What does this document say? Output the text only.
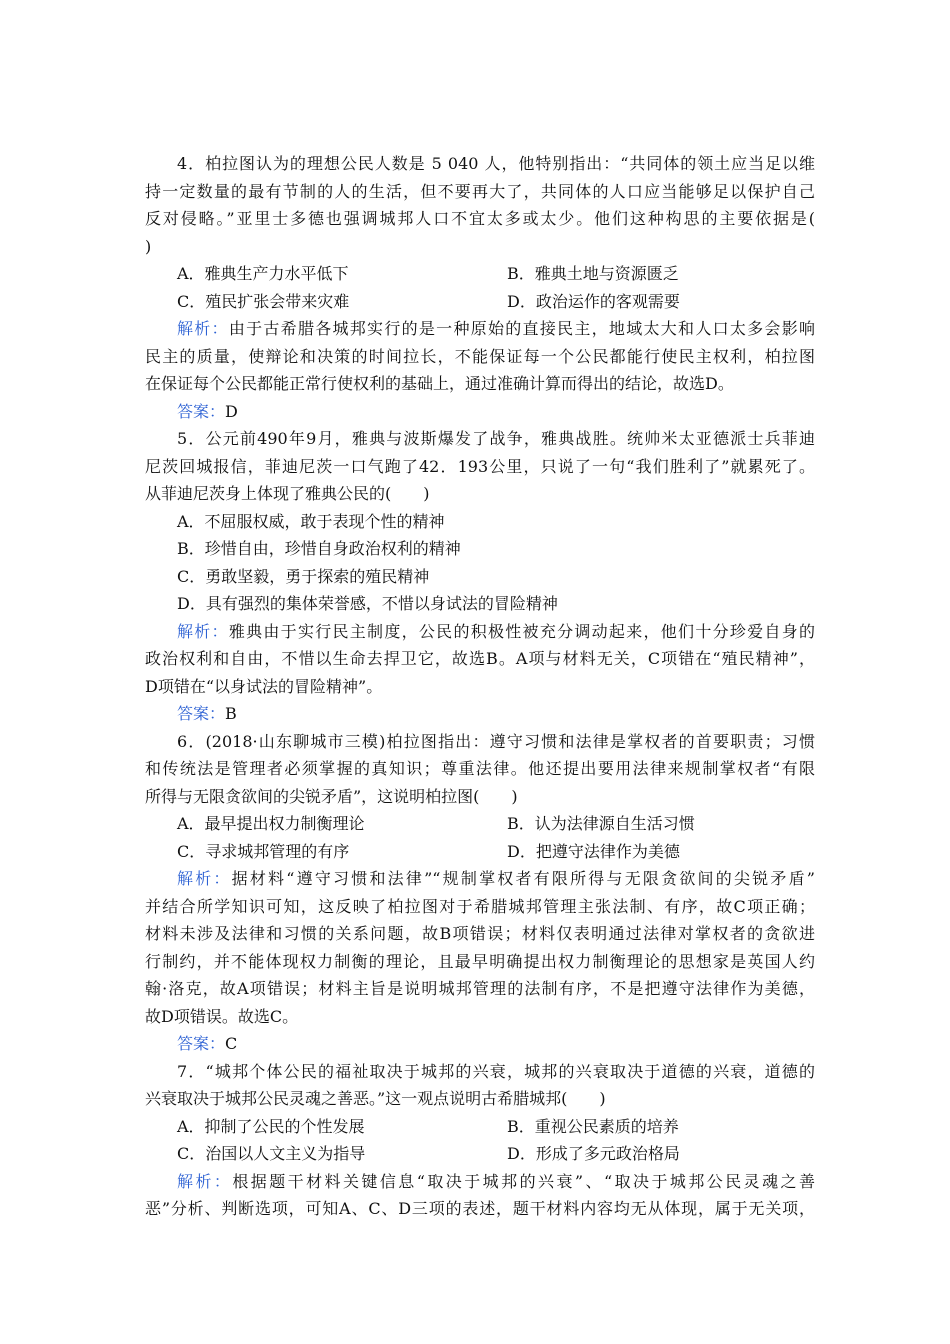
4．柏拉图认为的理想公民人数是 5 040 人，他特别指出：“共同体的领土应当足以维
持一定数量的最有节制的人的生活，但不要再大了，共同体的人口应当能够足以保护自己
反对侵略。”亚里士多德也强调城邦人口不宜太多或太少。他们这种构思的主要依据是(
)
A．雅典生产力水平低下	B．雅典土地与资源匮乏
C．殖民扩张会带来灾难	D．政治运作的客观需要
解析：由于古希腊各城邦实行的是一种原始的直接民主，地域太大和人口太多会影响
民主的质量，使辩论和决策的时间拉长，不能保证每一个公民都能行使民主权利，柏拉图
在保证每个公民都能正常行使权利的基础上，通过准确计算而得出的结论，故选D。
答案：D
5．公元前490年9月，雅典与波斯爆发了战争，雅典战胜。统帅米太亚德派士兵菲迪
尼茨回城报信，菲迪尼茨一口气跑了42．193公里，只说了一句“我们胜利了”就累死了。
从菲迪尼茨身上体现了雅典公民的(　　)
A．不屈服权威，敢于表现个性的精神
B．珍惜自由，珍惜自身政治权利的精神
C．勇敢坚毅，勇于探索的殖民精神
D．具有强烈的集体荣誉感，不惜以身试法的冒险精神
解析：雅典由于实行民主制度，公民的积极性被充分调动起来，他们十分珍爱自身的
政治权利和自由，不惜以生命去捍卫它，故选B。A项与材料无关，C项错在“殖民精神”，
D项错在“以身试法的冒险精神”。
答案：B
6．(2018·山东聊城市三模)柏拉图指出：遵守习惯和法律是掌权者的首要职责；习惯
和传统法是管理者必须掌握的真知识；尊重法律。他还提出要用法律来规制掌权者“有限
所得与无限贪欲间的尖锐矛盾”，这说明柏拉图(　　)
A．最早提出权力制衡理论	B．认为法律源自生活习惯
C．寻求城邦管理的有序	D．把遵守法律作为美德
解析：据材料“遵守习惯和法律”“规制掌权者有限所得与无限贪欲间的尖锐矛盾”
并结合所学知识可知，这反映了柏拉图对于希腊城邦管理主张法制、有序，故C项正确；
材料未涉及法律和习惯的关系问题，故B项错误；材料仅表明通过法律对掌权者的贪欲进
行制约，并不能体现权力制衡的理论，且最早明确提出权力制衡理论的思想家是英国人约
翰·洛克，故A项错误；材料主旨是说明城邦管理的法制有序，不是把遵守法律作为美德，
故D项错误。故选C。
答案：C
7．“城邦个体公民的福祉取决于城邦的兴衰，城邦的兴衰取决于道德的兴衰，道德的
兴衰取决于城邦公民灵魂之善恶。”这一观点说明古希腊城邦(　　)
A．抑制了公民的个性发展	B．重视公民素质的培养
C．治国以人文主义为指导	D．形成了多元政治格局
解析：根据题干材料关键信息“取决于城邦的兴衰”、“取决于城邦公民灵魂之善
恶”分析、判断选项，可知A、C、D三项的表述，题干材料内容均无从体现，属于无关项，
